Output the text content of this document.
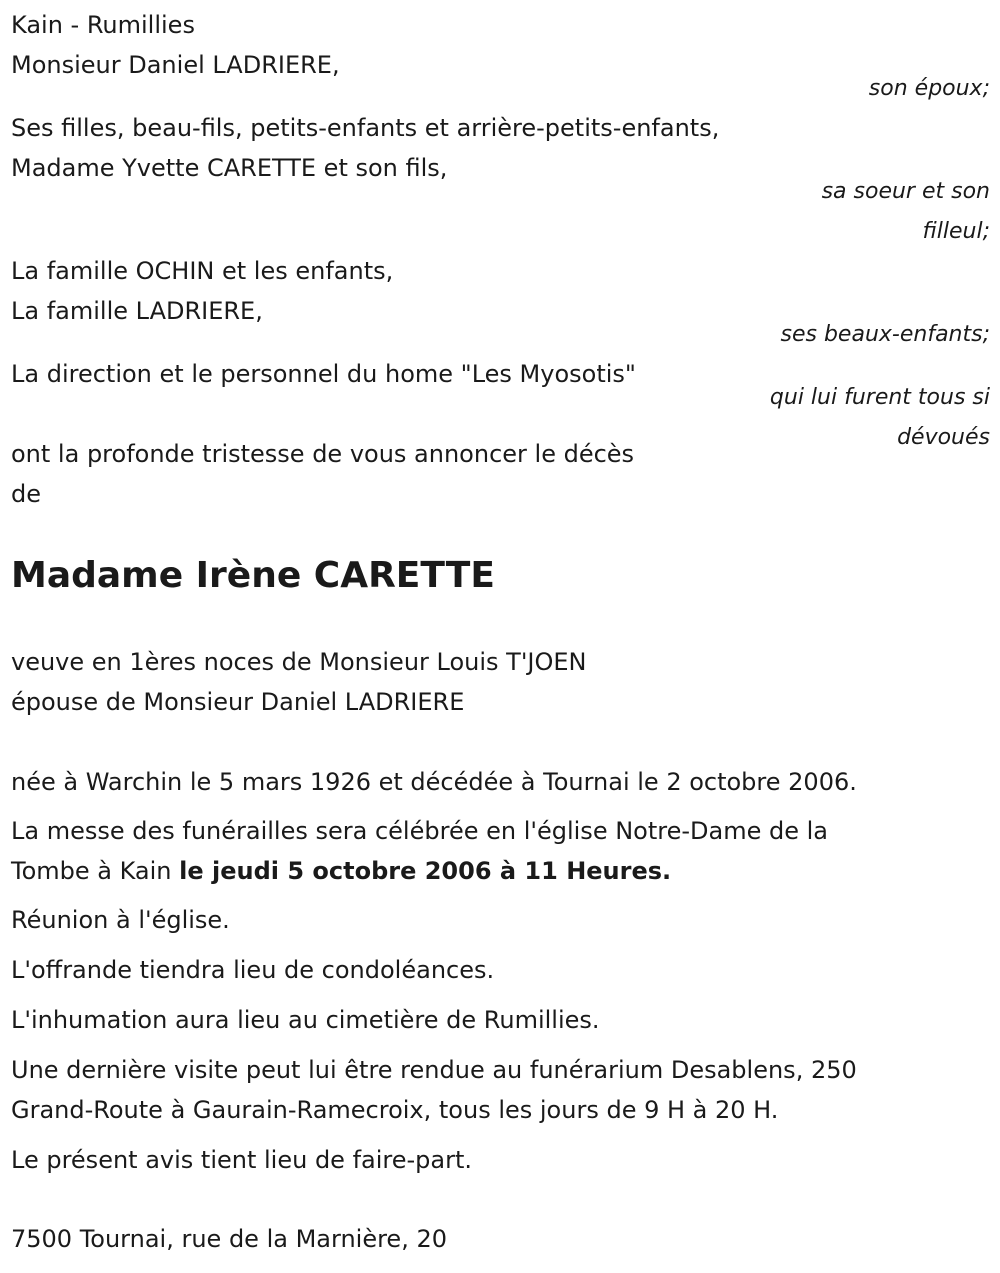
Kain - Rumillies

Monsieur Daniel LADRIERE,

son époux;

Ses filles, beau-fils, petits-enfants et arrière-petits-enfants,

Madame Yvette CARETTE et son fils,

sa soeur et son

filleul;

La famille OCHIN et les enfants,

La famille LADRIERE,

ses beaux-enfants;

La direction et le personnel du home "Les Myosotis"

qui lui furent tous si

dévoués

ont la profonde tristesse de vous annoncer le décès

de

Madame Irène CARETTE

veuve en 1ères noces de Monsieur Louis T'JOEN

épouse de Monsieur Daniel LADRIERE

née à Warchin le 5 mars 1926 et décédée à Tournai le 2 octobre 2006.

La messe des funérailles sera célébrée en l'église Notre-Dame de la

Tombe à Kain le jeudi 5 octobre 2006 à 11 Heures.

Réunion à l'église.

L'offrande tiendra lieu de condoléances.

L'inhumation aura lieu au cimetière de Rumillies.

Une dernière visite peut lui être rendue au funérarium Desablens, 250

Grand-Route à Gaurain-Ramecroix, tous les jours de 9 H à 20 H.

Le présent avis tient lieu de faire-part.

7500 Tournai, rue de la Marnière, 20
